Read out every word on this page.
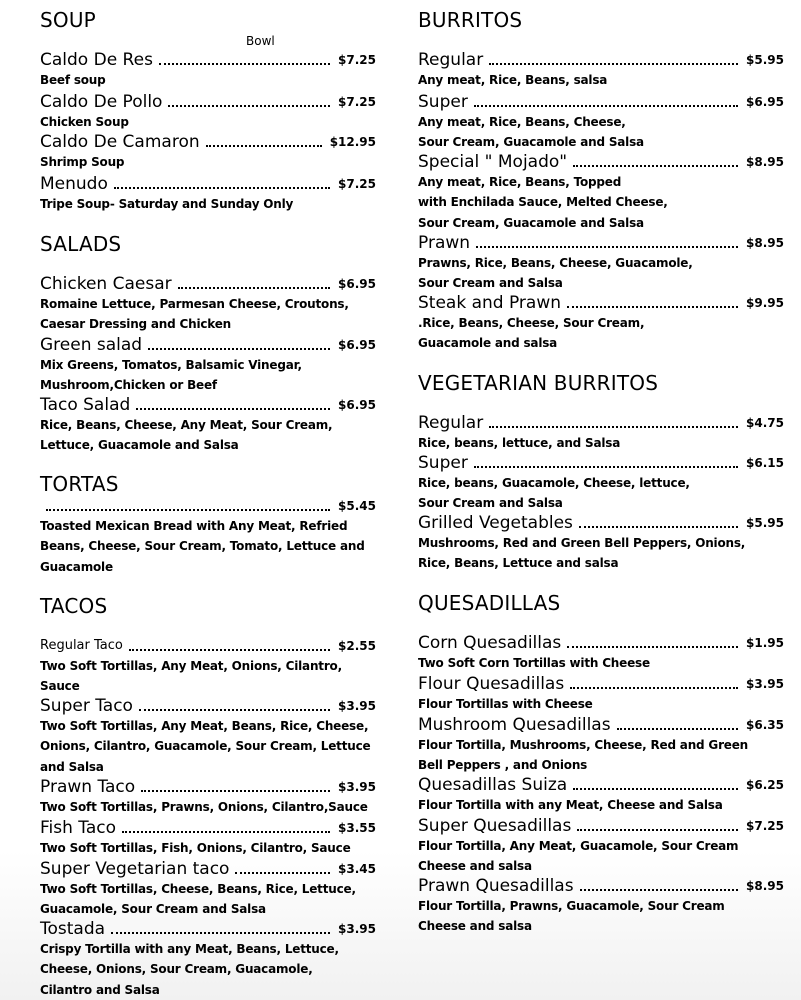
SOUP
Bowl
Caldo De Res	$7.25
Beef soup
Caldo De Pollo	$7.25
Chicken Soup
Caldo De Camaron	$12.95
Shrimp Soup
Menudo	$7.25
Tripe Soup- Saturday and Sunday Only
SALADS
Chicken Caesar	$6.95
Romaine Lettuce, Parmesan Cheese, Croutons,
Caesar Dressing and Chicken
Green salad	$6.95
Mix Greens, Tomatos, Balsamic Vinegar,
Mushroom,Chicken or Beef
Taco Salad	$6.95
Rice, Beans, Cheese, Any Meat, Sour Cream,
Lettuce, Guacamole and Salsa
TORTAS
$5.45
Toasted Mexican Bread with Any Meat, Refried
Beans, Cheese, Sour Cream, Tomato, Lettuce and
Guacamole
TACOS
Regular Taco	$2.55
Two Soft Tortillas, Any Meat, Onions, Cilantro,
Sauce
Super Taco	$3.95
Two Soft Tortillas, Any Meat, Beans, Rice, Cheese,
Onions, Cilantro, Guacamole, Sour Cream, Lettuce
and Salsa
Prawn Taco	$3.95
Two Soft Tortillas, Prawns, Onions, Cilantro,Sauce
Fish Taco	$3.55
Two Soft Tortillas, Fish, Onions, Cilantro, Sauce
Super Vegetarian taco	$3.45
Two Soft Tortillas, Cheese, Beans, Rice, Lettuce,
Guacamole, Sour Cream and Salsa
Tostada	$3.95
Crispy Tortilla with any Meat, Beans, Lettuce,
Cheese, Onions, Sour Cream, Guacamole,
Cilantro and Salsa
BURRITOS
Regular	$5.95
Any meat, Rice, Beans, salsa
Super	$6.95
Any meat, Rice, Beans, Cheese,
Sour Cream, Guacamole and Salsa
Special " Mojado"	$8.95
Any meat, Rice, Beans, Topped
with Enchilada Sauce, Melted Cheese,
Sour Cream, Guacamole and Salsa
Prawn	$8.95
Prawns, Rice, Beans, Cheese, Guacamole,
Sour Cream and Salsa
Steak and Prawn	$9.95
.Rice, Beans, Cheese, Sour Cream,
Guacamole and salsa
VEGETARIAN BURRITOS
Regular	$4.75
Rice, beans, lettuce, and Salsa
Super	$6.15
Rice, beans, Guacamole, Cheese, lettuce,
Sour Cream and Salsa
Grilled Vegetables	$5.95
Mushrooms, Red and Green Bell Peppers, Onions,
Rice, Beans, Lettuce and salsa
QUESADILLAS
Corn Quesadillas	$1.95
Two Soft Corn Tortillas with Cheese
Flour Quesadillas	$3.95
Flour Tortillas with Cheese
Mushroom Quesadillas	$6.35
Flour Tortilla, Mushrooms, Cheese, Red and Green
Bell Peppers , and Onions
Quesadillas Suiza	$6.25
Flour Tortilla with any Meat, Cheese and Salsa
Super Quesadillas	$7.25
Flour Tortilla, Any Meat, Guacamole, Sour Cream
Cheese and salsa
Prawn Quesadillas	$8.95
Flour Tortilla, Prawns, Guacamole, Sour Cream
Cheese and salsa
